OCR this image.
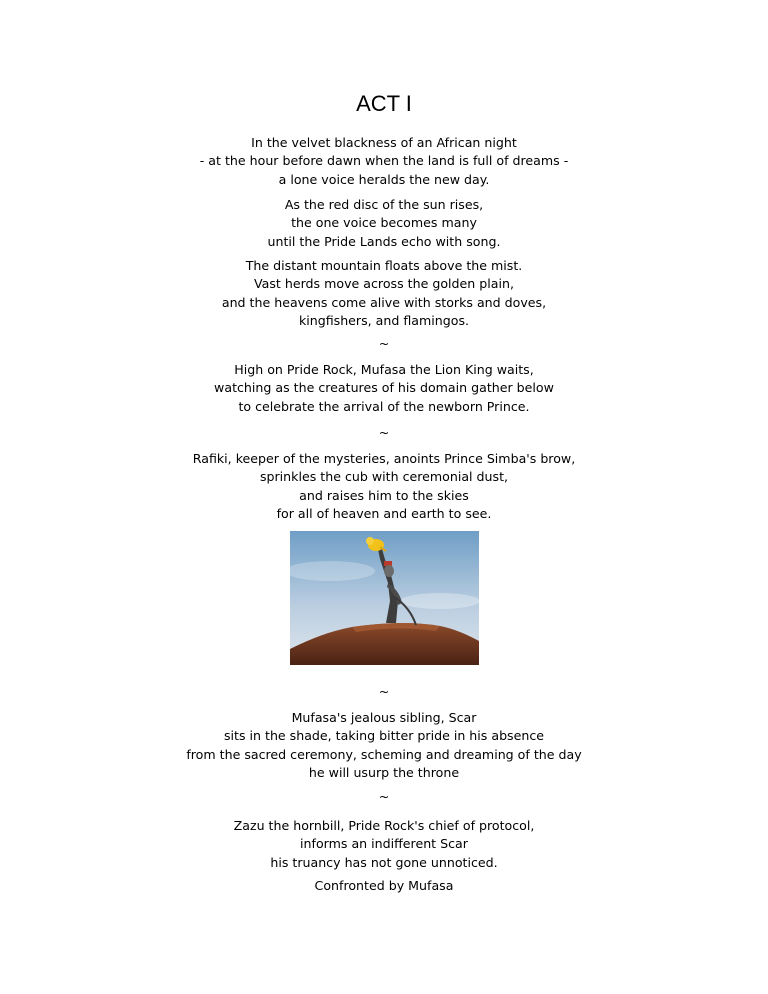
ACT I
In the velvet blackness of an African night
- at the hour before dawn when the land is full of dreams -
a lone voice heralds the new day.
As the red disc of the sun rises,
the one voice becomes many
until the Pride Lands echo with song.
The distant mountain floats above the mist.
Vast herds move across the golden plain,
and the heavens come alive with storks and doves,
kingfishers, and flamingos.
~
High on Pride Rock, Mufasa the Lion King waits,
watching as the creatures of his domain gather below
to celebrate the arrival of the newborn Prince.
~
Rafiki, keeper of the mysteries, anoints Prince Simba's brow,
sprinkles the cub with ceremonial dust,
and raises him to the skies
for all of heaven and earth to see.
~
Mufasa's jealous sibling, Scar
sits in the shade, taking bitter pride in his absence
from the sacred ceremony, scheming and dreaming of the day
he will usurp the throne
~
Zazu the hornbill, Pride Rock's chief of protocol,
informs an indifferent Scar
his truancy has not gone unnoticed.
Confronted by Mufasa
